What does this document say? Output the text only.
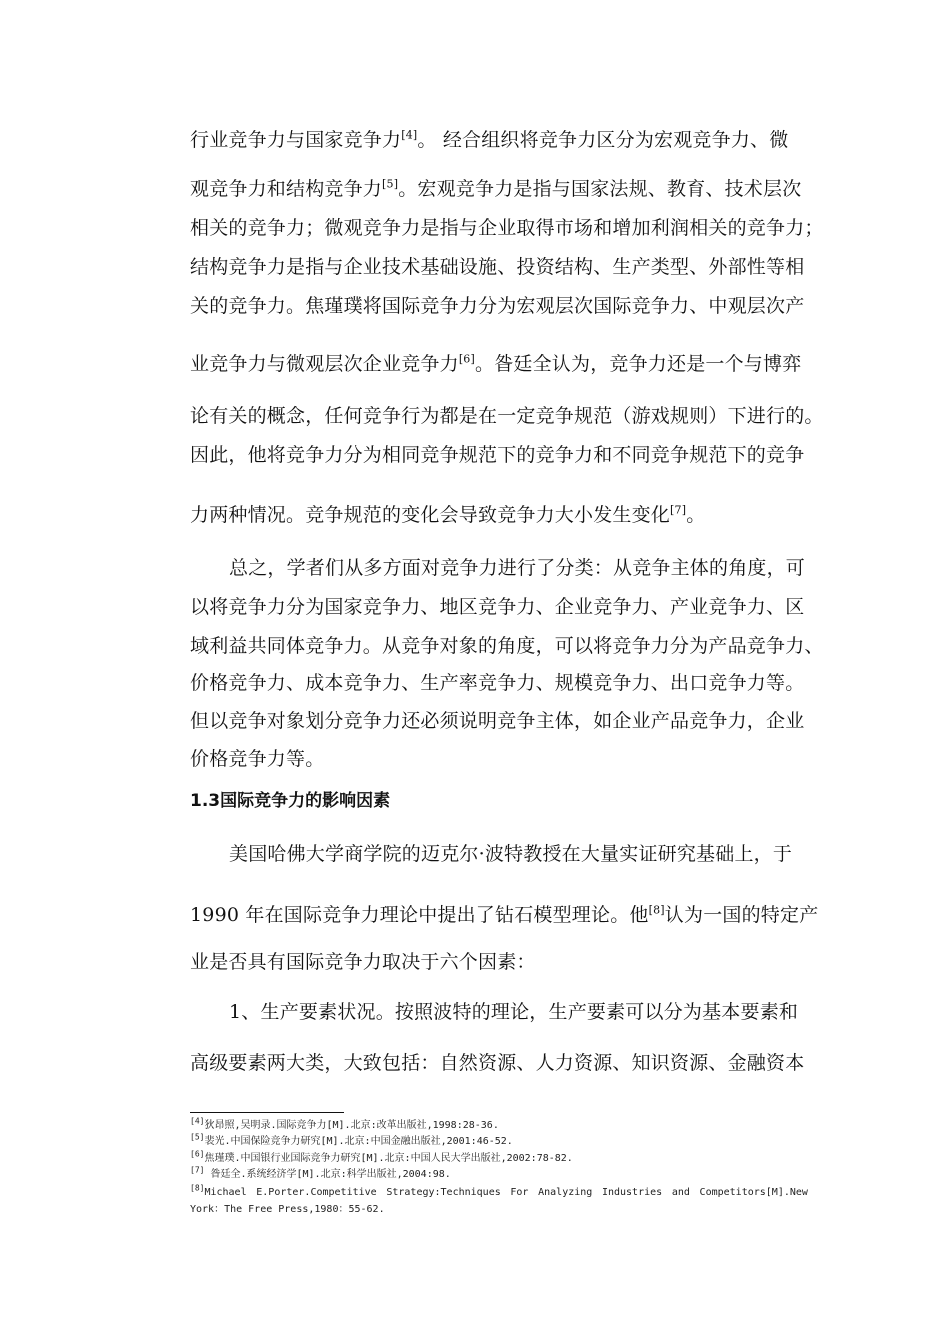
行业竞争力与国家竞争力[4]。 经合组织将竞争力区分为宏观竞争力、微
观竞争力和结构竞争力[5]。宏观竞争力是指与国家法规、教育、技术层次
相关的竞争力；微观竞争力是指与企业取得市场和增加利润相关的竞争力；
结构竞争力是指与企业技术基础设施、投资结构、生产类型、外部性等相
关的竞争力。焦瑾璞将国际竞争力分为宏观层次国际竞争力、中观层次产
业竞争力与微观层次企业竞争力[6]。昝廷全认为，竞争力还是一个与博弈
论有关的概念，任何竞争行为都是在一定竞争规范（游戏规则）下进行的。
因此，他将竞争力分为相同竞争规范下的竞争力和不同竞争规范下的竞争
力两种情况。竞争规范的变化会导致竞争力大小发生变化[7]。
总之，学者们从多方面对竞争力进行了分类：从竞争主体的角度，可
以将竞争力分为国家竞争力、地区竞争力、企业竞争力、产业竞争力、区
域利益共同体竞争力。从竞争对象的角度，可以将竞争力分为产品竞争力、
价格竞争力、成本竞争力、生产率竞争力、规模竞争力、出口竞争力等。
但以竞争对象划分竞争力还必须说明竞争主体，如企业产品竞争力，企业
价格竞争力等。
1.3国际竞争力的影响因素
美国哈佛大学商学院的迈克尔·波特教授在大量实证研究基础上，于
1990 年在国际竞争力理论中提出了钻石模型理论。他[8]认为一国的特定产
业是否具有国际竞争力取决于六个因素：
1、生产要素状况。按照波特的理论，生产要素可以分为基本要素和
高级要素两大类，大致包括：自然资源、人力资源、知识资源、金融资本
[4]狄昂照,吴明录.国际竞争力[M].北京:改革出版社,1998:28-36.
[5]裴光.中国保险竞争力研究[M].北京:中国金融出版社,2001:46-52.
[6]焦瑾璞.中国银行业国际竞争力研究[M].北京:中国人民大学出版社,2002:78-82.
[7] 昝廷全.系统经济学[M].北京:科学出版社,2004:98.
[8]Michael E.Porter.Competitive Strategy:Techniques For Analyzing Industries and Competitors[M].New
York：The Free Press,1980：55-62.
